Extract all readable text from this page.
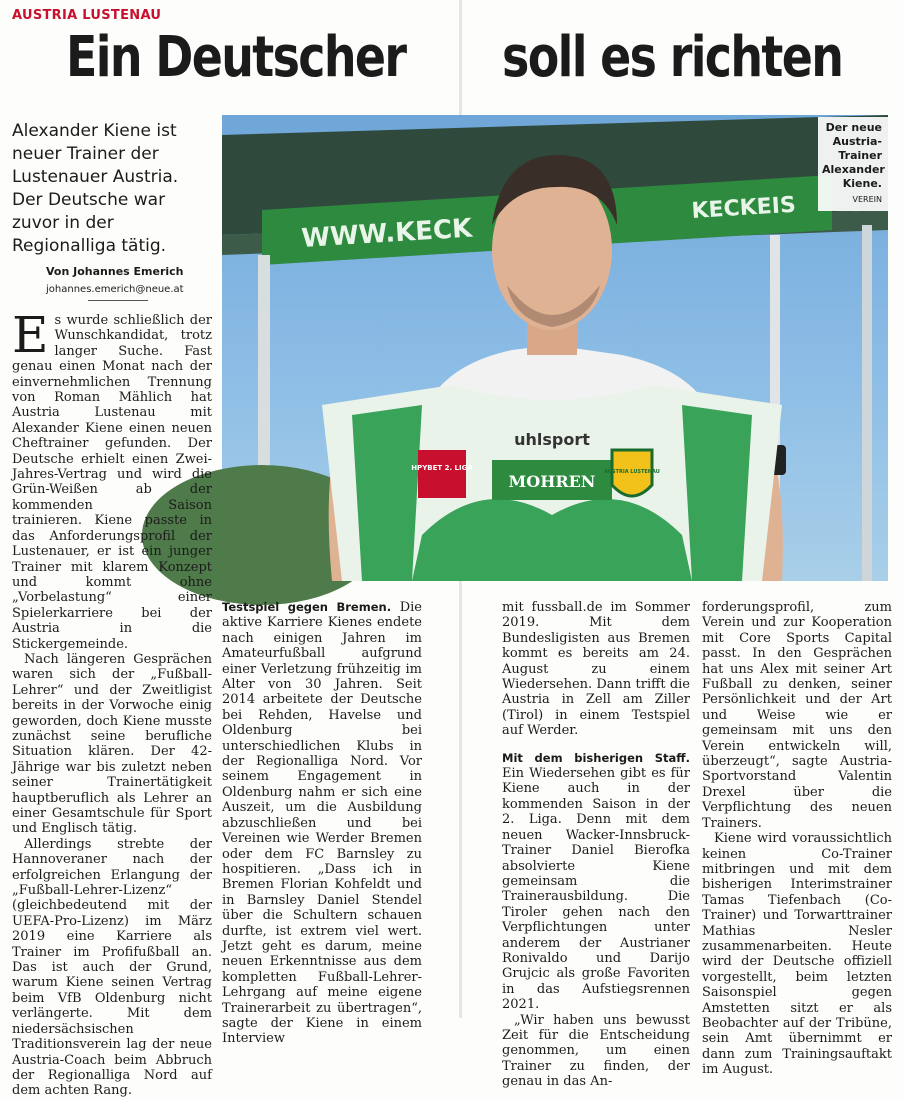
AUSTRIA LUSTENAU
Ein Deutscher soll es richten
Alexander Kiene ist neuer Trainer der Lustenauer Austria. Der Deutsche war zuvor in der Regionalliga tätig.
Von Johannes Emerich
johannes.emerich@neue.at
WWW.KECK
KECKEIS
uhlsport
MOHREN
HPYBET 2. LIGA	AUSTRIA LUSTENAU
Der neue Austria-Trainer Alexander Kiene.
VEREIN

Es wurde schließlich der Wunschkandidat, trotz langer Suche. Fast genau einen Monat nach der einvernehmlichen Trennung von Roman Mählich hat Austria Lustenau mit Alexander Kiene einen neuen Cheftrainer gefunden. Der Deutsche erhielt einen Zwei-Jahres-Vertrag und wird die Grün-Weißen ab der kommenden Saison trainieren. Kiene passte in das Anforderungsprofil der Lustenauer, er ist ein junger Trainer mit klarem Konzept und kommt ohne „Vorbelastung“ einer Spielerkarriere bei der Austria in die Stickergemeinde.

Nach längeren Gesprächen waren sich der „Fußball-Lehrer“ und der Zweitligist bereits in der Vorwoche einig geworden, doch Kiene musste zunächst seine berufliche Situation klären. Der 42-Jährige war bis zuletzt neben seiner Trainertätigkeit hauptberuflich als Lehrer an einer Gesamtschule für Sport und Englisch tätig.

Allerdings strebte der Hannoveraner nach der erfolgreichen Erlangung der „Fußball-Lehrer-Lizenz“ (gleichbedeutend mit der UEFA-Pro-Lizenz) im März 2019 eine Karriere als Trainer im Profifußball an. Das ist auch der Grund, warum Kiene seinen Vertrag beim VfB Oldenburg nicht verlängerte. Mit dem niedersächsischen Traditionsverein lag der neue Austria-Coach beim Abbruch der Regionalliga Nord auf dem achten Rang.

Testspiel gegen Bremen. Die aktive Karriere Kienes endete nach einigen Jahren im Amateurfußball aufgrund einer Verletzung frühzeitig im Alter von 30 Jahren. Seit 2014 arbeitete der Deutsche bei Rehden, Havelse und Oldenburg bei unterschiedlichen Klubs in der Regionalliga Nord. Vor seinem Engagement in Oldenburg nahm er sich eine Auszeit, um die Ausbildung abzuschließen und bei Vereinen wie Werder Bremen oder dem FC Barnsley zu hospitieren. „Dass ich in Bremen Florian Kohfeldt und in Barnsley Daniel Stendel über die Schultern schauen durfte, ist extrem viel wert. Jetzt geht es darum, meine neuen Erkenntnisse aus dem kompletten Fußball-Lehrer-Lehrgang auf meine eigene Trainerarbeit zu übertragen“, sagte der Kiene in einem Interview

mit fussball.de im Sommer 2019. Mit dem Bundesligisten aus Bremen kommt es bereits am 24. August zu einem Wiedersehen. Dann trifft die Austria in Zell am Ziller (Tirol) in einem Testspiel auf Werder.

Mit dem bisherigen Staff. Ein Wiedersehen gibt es für Kiene auch in der kommenden Saison in der 2. Liga. Denn mit dem neuen Wacker-Innsbruck-Trainer Daniel Bierofka absolvierte Kiene gemeinsam die Trainerausbildung. Die Tiroler gehen nach den Verpflichtungen unter anderem der Austrianer Ronivaldo und Darijo Grujcic als große Favoriten in das Aufstiegsrennen 2021.

„Wir haben uns bewusst Zeit für die Entscheidung genommen, um einen Trainer zu finden, der genau in das An-

forderungsprofil, zum Verein und zur Kooperation mit Core Sports Capital passt. In den Gesprächen hat uns Alex mit seiner Art Fußball zu denken, seiner Persönlichkeit und der Art und Weise wie er gemeinsam mit uns den Verein entwickeln will, überzeugt“, sagte Austria-Sportvorstand Valentin Drexel über die Verpflichtung des neuen Trainers.

Kiene wird voraussichtlich keinen Co-Trainer mitbringen und mit dem bisherigen Interimstrainer Tamas Tiefenbach (Co-Trainer) und Torwarttrainer Mathias Nesler zusammenarbeiten. Heute wird der Deutsche offiziell vorgestellt, beim letzten Saisonspiel gegen Amstetten sitzt er als Beobachter auf der Tribüne, sein Amt übernimmt er dann zum Trainingsauftakt im August.
